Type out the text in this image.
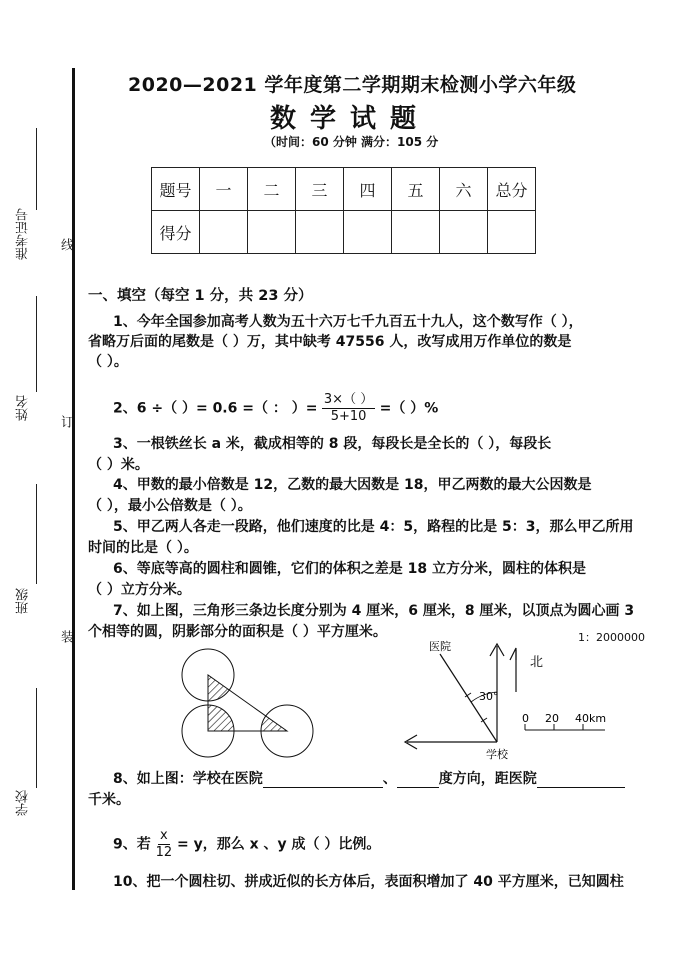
准考证号
姓名
班级
学校
线
订
装
2020—2021 学年度第二学期期末检测小学六年级
数学试题
（时间：60 分钟 满分：105 分
题号	一	二	三	四	五	六	总分
得分							
一、填空（每空 1 分，共 23 分）
1、今年全国参加高考人数为五十六万七千九百五十九人，这个数写作（ ），
省略万后面的尾数是（ ）万，其中缺考 47556 人，改写成用万作单位的数是
（ ）。
2、6 ÷（ ）= 0.6 =（ ： ）= $\frac{3\times( )}{5+10}$ =（ ）%
3、一根铁丝长 a 米，截成相等的 8 段，每段长是全长的（ ），每段长
（ ）米。
4、甲数的最小倍数是 12，乙数的最大因数是 18，甲乙两数的最大公因数是
（ ），最小公倍数是（ ）。
5、甲乙两人各走一段路，他们速度的比是 4：5，路程的比是 5：3，那么甲乙所用
时间的比是（ ）。
6、等底等高的圆柱和圆锥，它们的体积之差是 18 立方分米，圆柱的体积是
（ ）立方分米。
7、如上图，三角形三条边长度分别为 4 厘米，6 厘米，8 厘米，以顶点为圆心画 3
个相等的圆，阴影部分的面积是（ ）平方厘米。	1：2000000
医院
学校
北
30°
0 20 40km
8、如上图：学校在医院	、	度方向，距医院
千米。
9、若 $\frac{x}{12} = y$，那么 x 、y 成（ ）比例。
10、把一个圆柱切、拼成近似的长方体后，表面积增加了 40 平方厘米，已知圆柱
